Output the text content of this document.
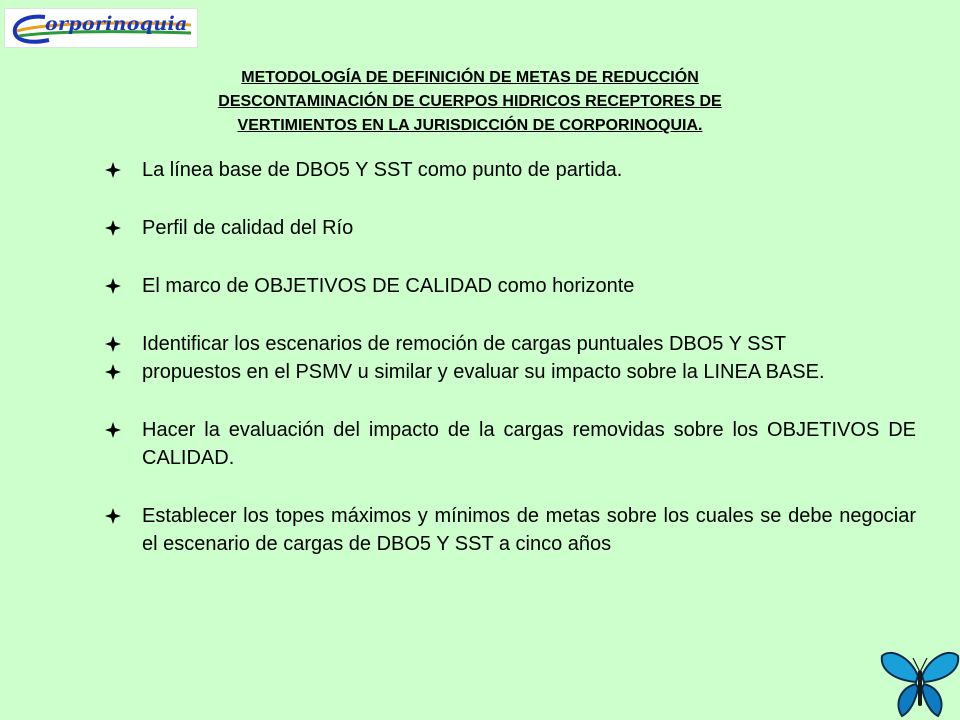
orporinoquia
METODOLOGÍA DE DEFINICIÓN DE METAS DE REDUCCIÓN
DESCONTAMINACIÓN DE CUERPOS HIDRICOS RECEPTORES DE
VERTIMIENTOS EN LA JURISDICCIÓN DE CORPORINOQUIA.
La línea base de DBO5 Y SST como punto de partida.
Perfil de calidad del Río
El marco de OBJETIVOS DE CALIDAD como horizonte
Identificar los escenarios de remoción de cargas puntuales DBO5 Y SST
propuestos en el PSMV u similar y evaluar su impacto sobre la LINEA BASE.
Hacer la evaluación del impacto de la cargas removidas sobre los OBJETIVOS DE CALIDAD.
Establecer los topes máximos y mínimos de metas sobre los cuales se debe negociar el escenario de cargas de DBO5 Y SST a cinco años
